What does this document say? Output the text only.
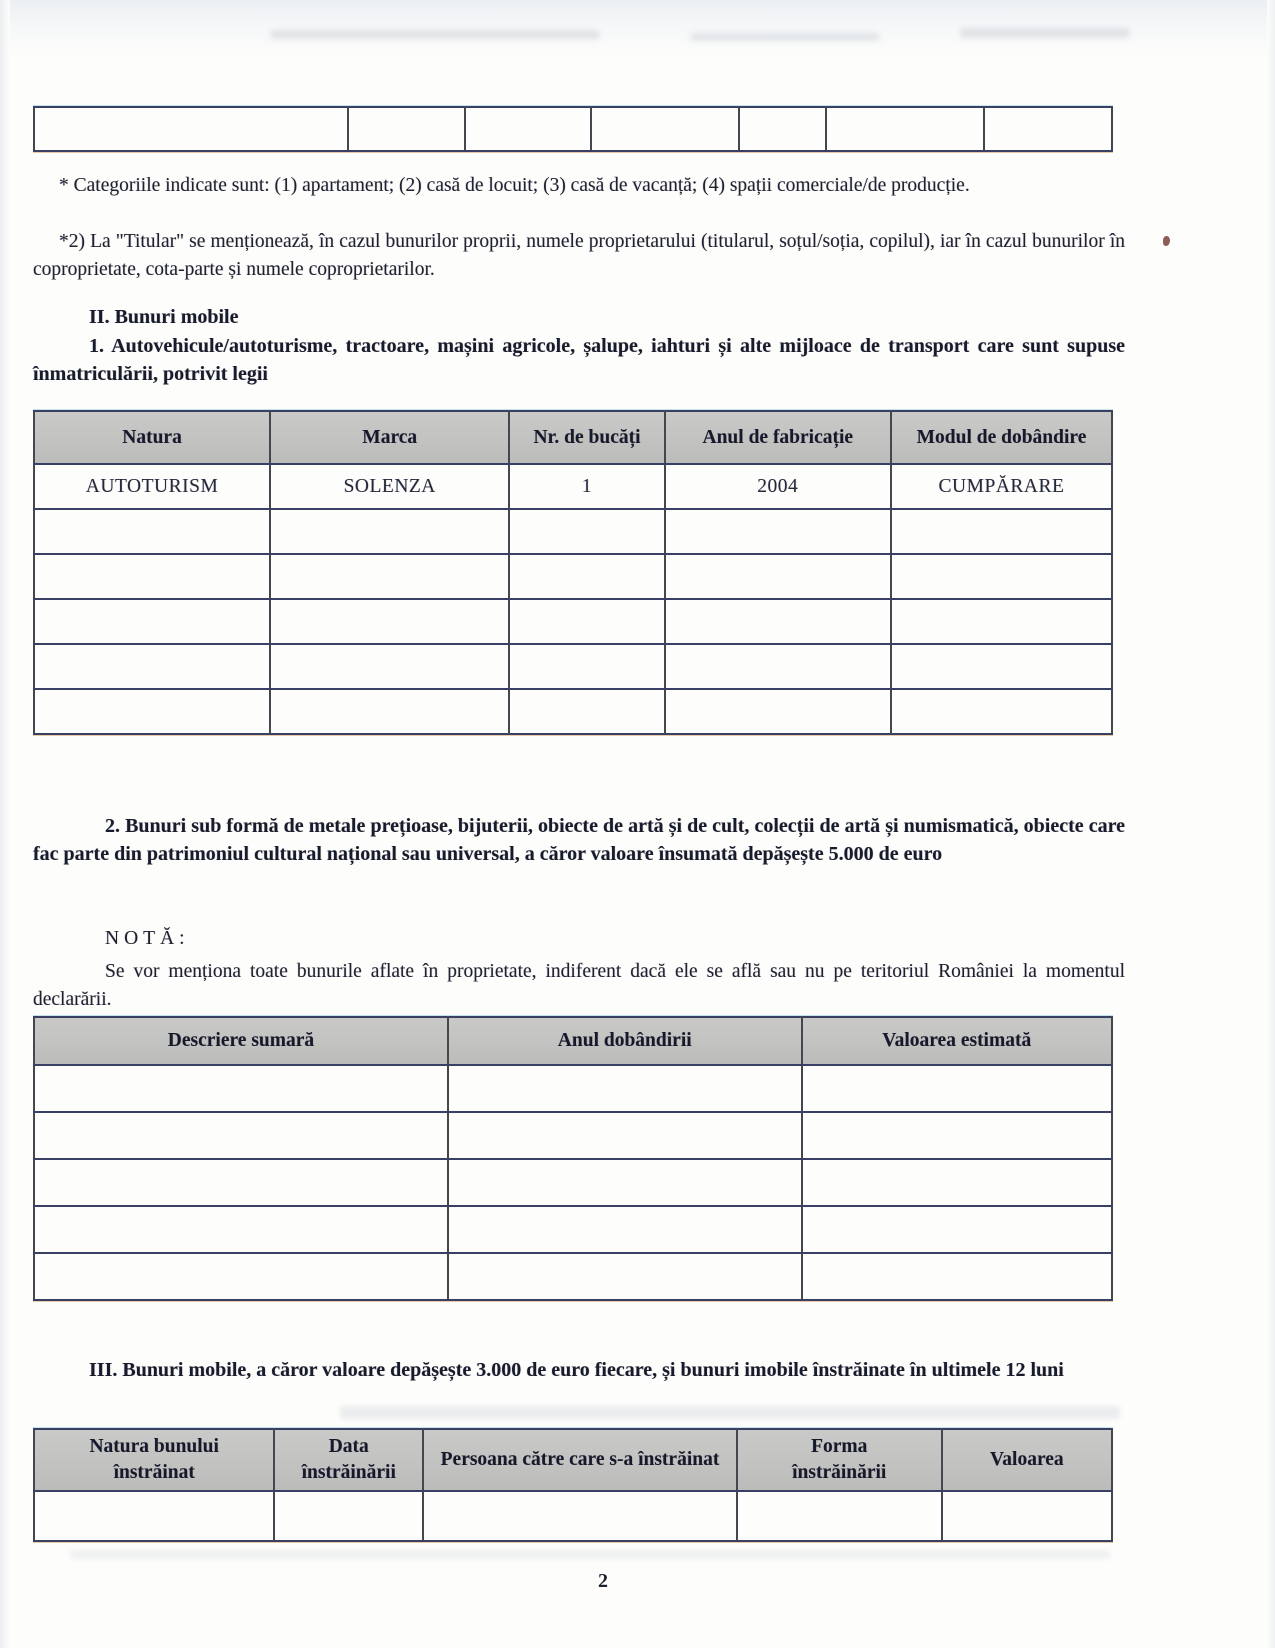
* Categoriile indicate sunt: (1) apartament; (2) casă de locuit; (3) casă de vacanță; (4) spații comerciale/de producție.

*2) La "Titular" se menționează, în cazul bunurilor proprii, numele proprietarului (titularul, soțul/soția, copilul), iar în cazul bunurilor în coproprietate, cota-parte și numele coproprietarilor.

II. Bunuri mobile

1. Autovehicule/autoturisme, tractoare, mașini agricole, șalupe, iahturi și alte mijloace de transport care sunt supuse înmatriculării, potrivit legii

Natura	Marca	Nr. de bucăți	Anul de fabricație	Modul de dobândire
AUTOTURISM	SOLENZA	1	2004	CUMPĂRARE

2. Bunuri sub formă de metale prețioase, bijuterii, obiecte de artă și de cult, colecții de artă și numismatică, obiecte care fac parte din patrimoniul cultural național sau universal, a căror valoare însumată depășește 5.000 de euro

NOTĂ:

Se vor menționa toate bunurile aflate în proprietate, indiferent dacă ele se află sau nu pe teritoriul României la momentul declarării.

Descriere sumară	Anul dobândirii	Valoarea estimată

III. Bunuri mobile, a căror valoare depășește 3.000 de euro fiecare, și bunuri imobile înstrăinate în ultimele 12 luni

Natura bunului înstrăinat	Data înstrăinării	Persoana către care s-a înstrăinat	Forma înstrăinării	Valoarea

2
